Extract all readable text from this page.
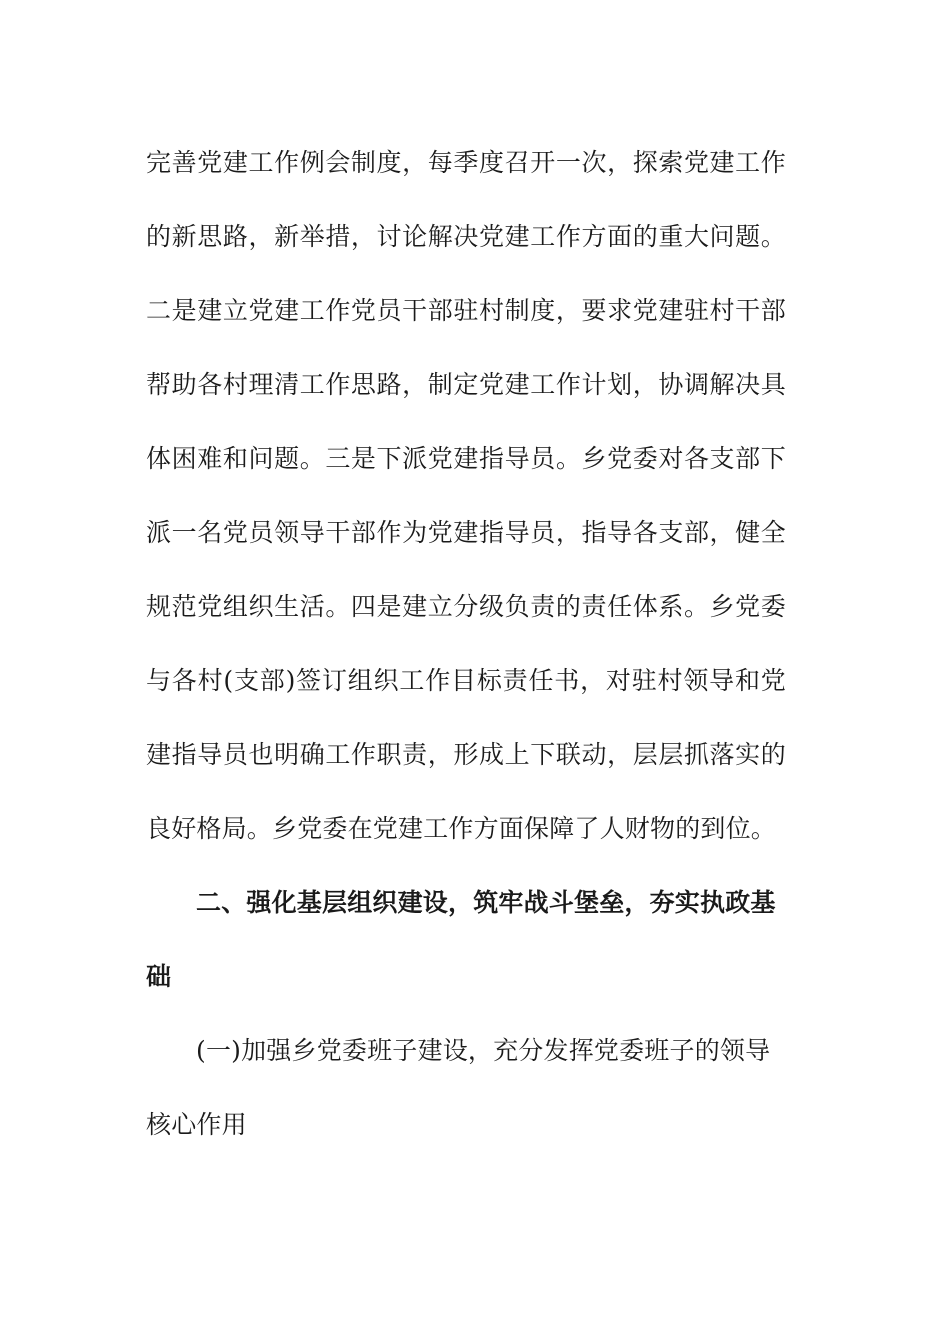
完善党建工作例会制度，每季度召开一次，探索党建工作的新思路，新举措，讨论解决党建工作方面的重大问题。二是建立党建工作党员干部驻村制度，要求党建驻村干部帮助各村理清工作思路，制定党建工作计划，协调解决具体困难和问题。三是下派党建指导员。乡党委对各支部下派一名党员领导干部作为党建指导员，指导各支部，健全规范党组织生活。四是建立分级负责的责任体系。乡党委与各村(支部)签订组织工作目标责任书，对驻村领导和党建指导员也明确工作职责，形成上下联动，层层抓落实的良好格局。乡党委在党建工作方面保障了人财物的到位。

二、强化基层组织建设，筑牢战斗堡垒，夯实执政基础

(一)加强乡党委班子建设，充分发挥党委班子的领导核心作用
